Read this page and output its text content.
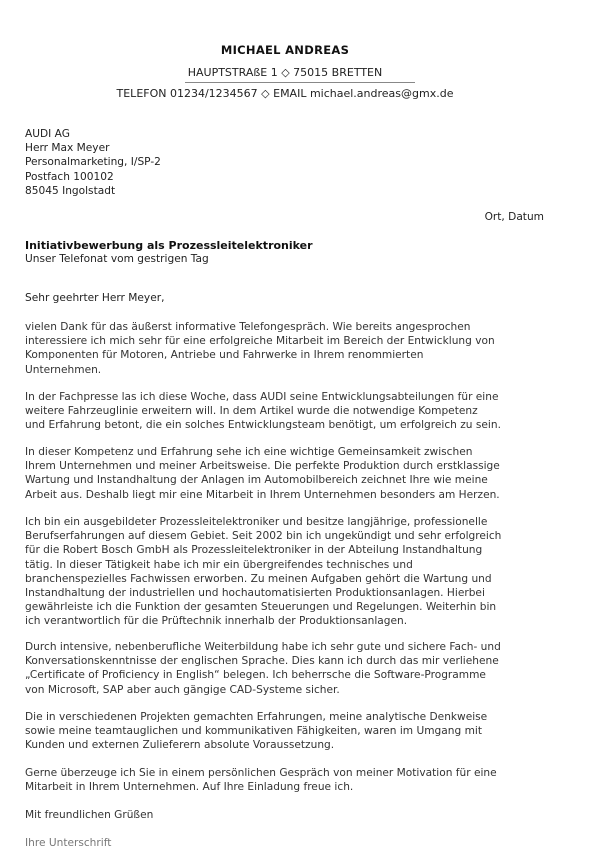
MICHAEL ANDREAS
HAUPTSTRAßE 1 ◇ 75015 BRETTEN
TELEFON 01234/1234567 ◇ EMAIL michael.andreas@gmx.de
AUDI AG
Herr Max Meyer
Personalmarketing, I/SP-2
Postfach 100102
85045 Ingolstadt
Ort, Datum
Initiativbewerbung als Prozessleitelektroniker
Unser Telefonat vom gestrigen Tag
Sehr geehrter Herr Meyer,
vielen Dank für das äußerst informative Telefongespräch. Wie bereits angesprochen
interessiere ich mich sehr für eine erfolgreiche Mitarbeit im Bereich der Entwicklung von
Komponenten für Motoren, Antriebe und Fahrwerke in Ihrem renommierten
Unternehmen.
In der Fachpresse las ich diese Woche, dass AUDI seine Entwicklungsabteilungen für eine
weitere Fahrzeuglinie erweitern will. In dem Artikel wurde die notwendige Kompetenz
und Erfahrung betont, die ein solches Entwicklungsteam benötigt, um erfolgreich zu sein.
In dieser Kompetenz und Erfahrung sehe ich eine wichtige Gemeinsamkeit zwischen
Ihrem Unternehmen und meiner Arbeitsweise. Die perfekte Produktion durch erstklassige
Wartung und Instandhaltung der Anlagen im Automobilbereich zeichnet Ihre wie meine
Arbeit aus. Deshalb liegt mir eine Mitarbeit in Ihrem Unternehmen besonders am Herzen.
Ich bin ein ausgebildeter Prozessleitelektroniker und besitze langjährige, professionelle
Berufserfahrungen auf diesem Gebiet. Seit 2002 bin ich ungekündigt und sehr erfolgreich
für die Robert Bosch GmbH als Prozessleitelektroniker in der Abteilung Instandhaltung
tätig. In dieser Tätigkeit habe ich mir ein übergreifendes technisches und
branchenspezielles Fachwissen erworben. Zu meinen Aufgaben gehört die Wartung und
Instandhaltung der industriellen und hochautomatisierten Produktionsanlagen. Hierbei
gewährleiste ich die Funktion der gesamten Steuerungen und Regelungen. Weiterhin bin
ich verantwortlich für die Prüftechnik innerhalb der Produktionsanlagen.
Durch intensive, nebenberufliche Weiterbildung habe ich sehr gute und sichere Fach- und
Konversationskenntnisse der englischen Sprache. Dies kann ich durch das mir verliehene
„Certificate of Proficiency in English“ belegen. Ich beherrsche die Software-Programme
von Microsoft, SAP aber auch gängige CAD-Systeme sicher.
Die in verschiedenen Projekten gemachten Erfahrungen, meine analytische Denkweise
sowie meine teamtauglichen und kommunikativen Fähigkeiten, waren im Umgang mit
Kunden und externen Zulieferern absolute Voraussetzung.
Gerne überzeuge ich Sie in einem persönlichen Gespräch von meiner Motivation für eine
Mitarbeit in Ihrem Unternehmen. Auf Ihre Einladung freue ich.
Mit freundlichen Grüßen
Ihre Unterschrift
